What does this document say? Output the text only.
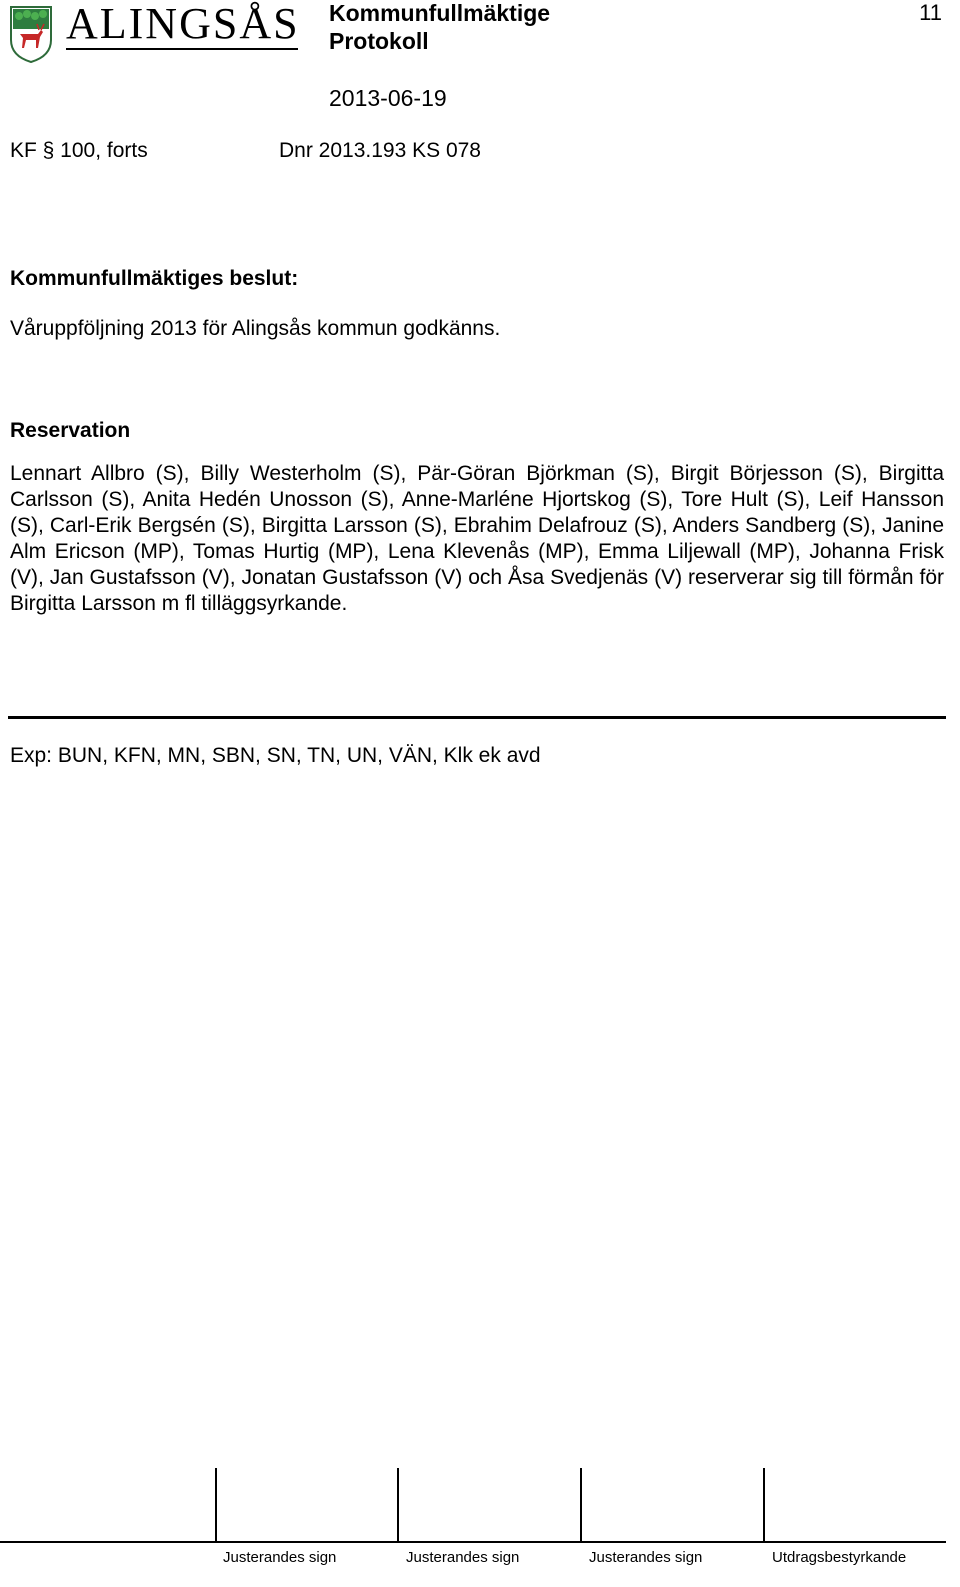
ALINGSÅS Kommunfullmäktige
Protokoll
11
2013-06-19
KF § 100, forts	Dnr 2013.193 KS 078
Kommunfullmäktiges beslut:
Våruppföljning 2013 för Alingsås kommun godkänns.
Reservation

Lennart Allbro (S), Billy Westerholm (S), Pär-Göran Björkman (S), Birgit Börjesson (S), Birgitta Carlsson (S), Anita Hedén Unosson (S), Anne-Marléne Hjortskog (S), Tore Hult (S), Leif Hansson (S), Carl-Erik Bergsén (S), Birgitta Larsson (S), Ebrahim Delafrouz (S), Anders Sandberg (S), Janine Alm Ericson (MP), Tomas Hurtig (MP), Lena Klevenås (MP), Emma Liljewall (MP), Johanna Frisk (V), Jan Gustafsson (V), Jonatan Gustafsson (V) och Åsa Svedjenäs (V) reserverar sig till förmån för Birgitta Larsson m fl tilläggsyrkande.

Exp: BUN, KFN, MN, SBN, SN, TN, UN, VÄN, Klk ek avd
Justerandes sign	Justerandes sign	Justerandes sign	Utdragsbestyrkande
